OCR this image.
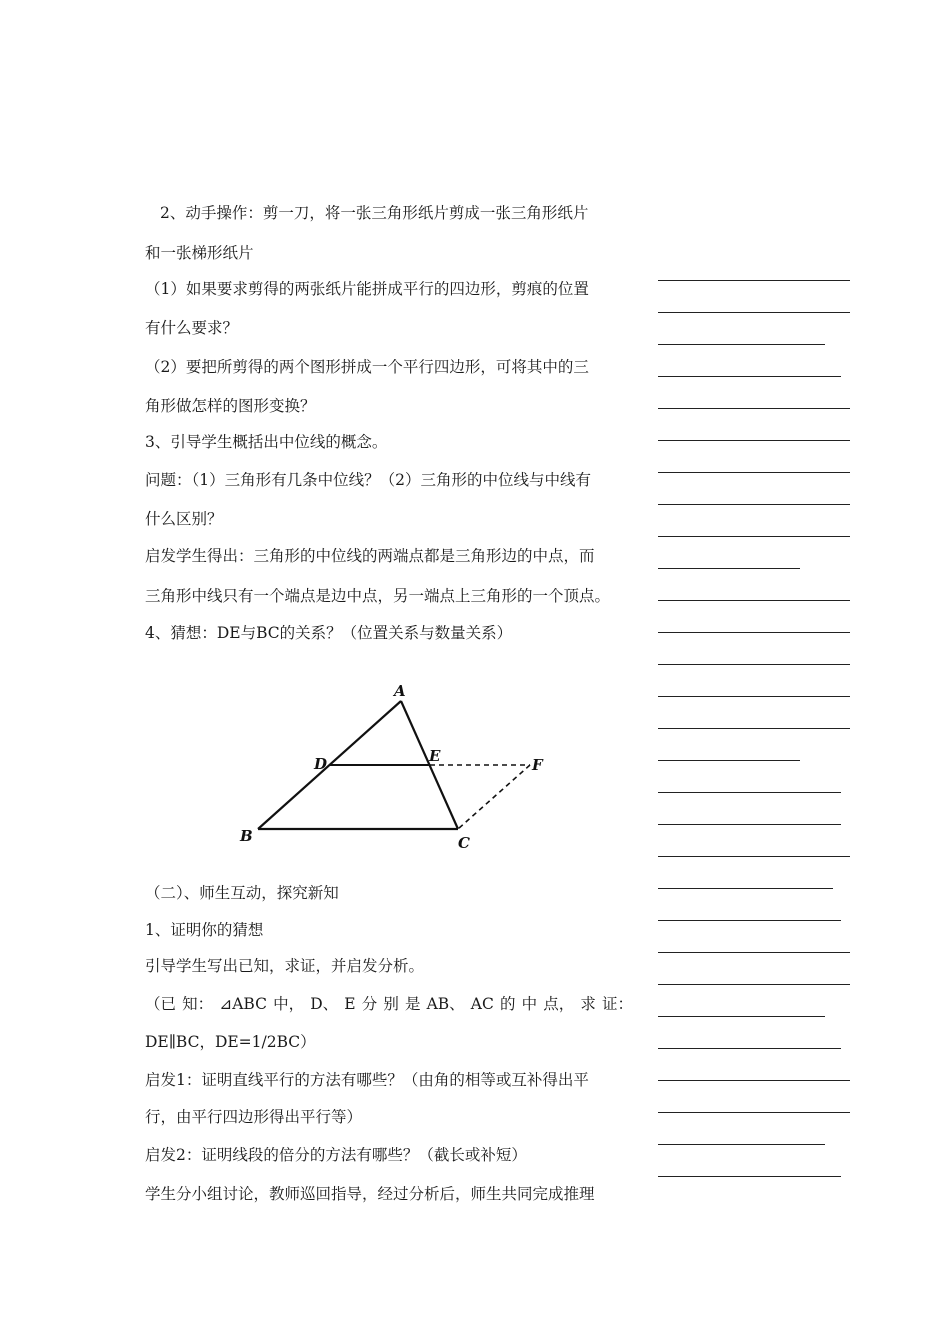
2、动手操作：剪一刀，将一张三角形纸片剪成一张三角形纸片
和一张梯形纸片
（1）如果要求剪得的两张纸片能拼成平行的四边形，剪痕的位置
有什么要求？
（2）要把所剪得的两个图形拼成一个平行四边形，可将其中的三
角形做怎样的图形变换？
3、引导学生概括出中位线的概念。
问题：（1）三角形有几条中位线？（2）三角形的中位线与中线有
什么区别？
启发学生得出：三角形的中位线的两端点都是三角形边的中点，而
三角形中线只有一个端点是边中点，另一端点上三角形的一个顶点。
4、猜想：DE与BC的关系？（位置关系与数量关系）
A
B	C
D	E	F
（二）、师生互动，探究新知
1、证明你的猜想
引导学生写出已知，求证，并启发分析。
（已 知： ⊿ABC 中， D、 E 分 别 是 AB、 AC 的 中 点， 求 证：
DE∥BC，DE=1/2BC）
启发1：证明直线平行的方法有哪些？（由角的相等或互补得出平
行，由平行四边形得出平行等）
启发2：证明线段的倍分的方法有哪些？（截长或补短）
学生分小组讨论，教师巡回指导，经过分析后，师生共同完成推理
